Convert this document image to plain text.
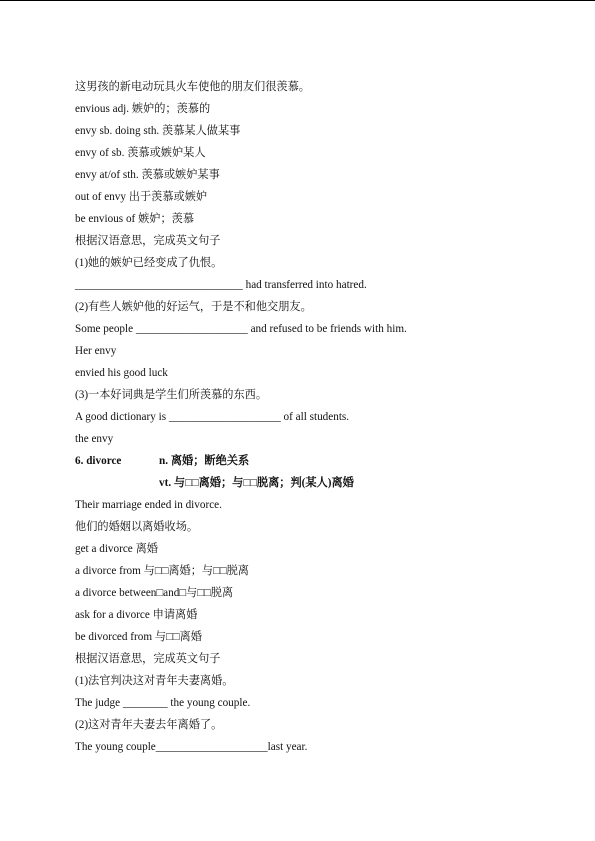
这男孩的新电动玩具火车使他的朋友们很羡慕。
envious adj. 嫉妒的；羡慕的
envy sb. doing sth. 羡慕某人做某事
envy of sb. 羡慕或嫉妒某人
envy at/of sth. 羡慕或嫉妒某事
out of envy 出于羡慕或嫉妒
be envious of 嫉妒；羡慕
根据汉语意思，完成英文句子
(1)她的嫉妒已经变成了仇恨。
______________________________ had transferred into hatred.
(2)有些人嫉妒他的好运气，于是不和他交朋友。
Some people ____________________ and refused to be friends with him.
Her envy
envied his good luck
(3)一本好词典是学生们所羡慕的东西。
A good dictionary is ____________________ of all students.
the envy
6. divorce	n. 离婚；断绝关系
vt. 与□□离婚；与□□脱离；判(某人)离婚
Their marriage ended in divorce.
他们的婚姻以离婚收场。
get a divorce 离婚
a divorce from 与□□离婚；与□□脱离
a divorce between□and□与□□脱离
ask for a divorce 申请离婚
be divorced from 与□□离婚
根据汉语意思，完成英文句子
(1)法官判决这对青年夫妻离婚。
The judge ________ the young couple.
(2)这对青年夫妻去年离婚了。
The young couple____________________last year.
